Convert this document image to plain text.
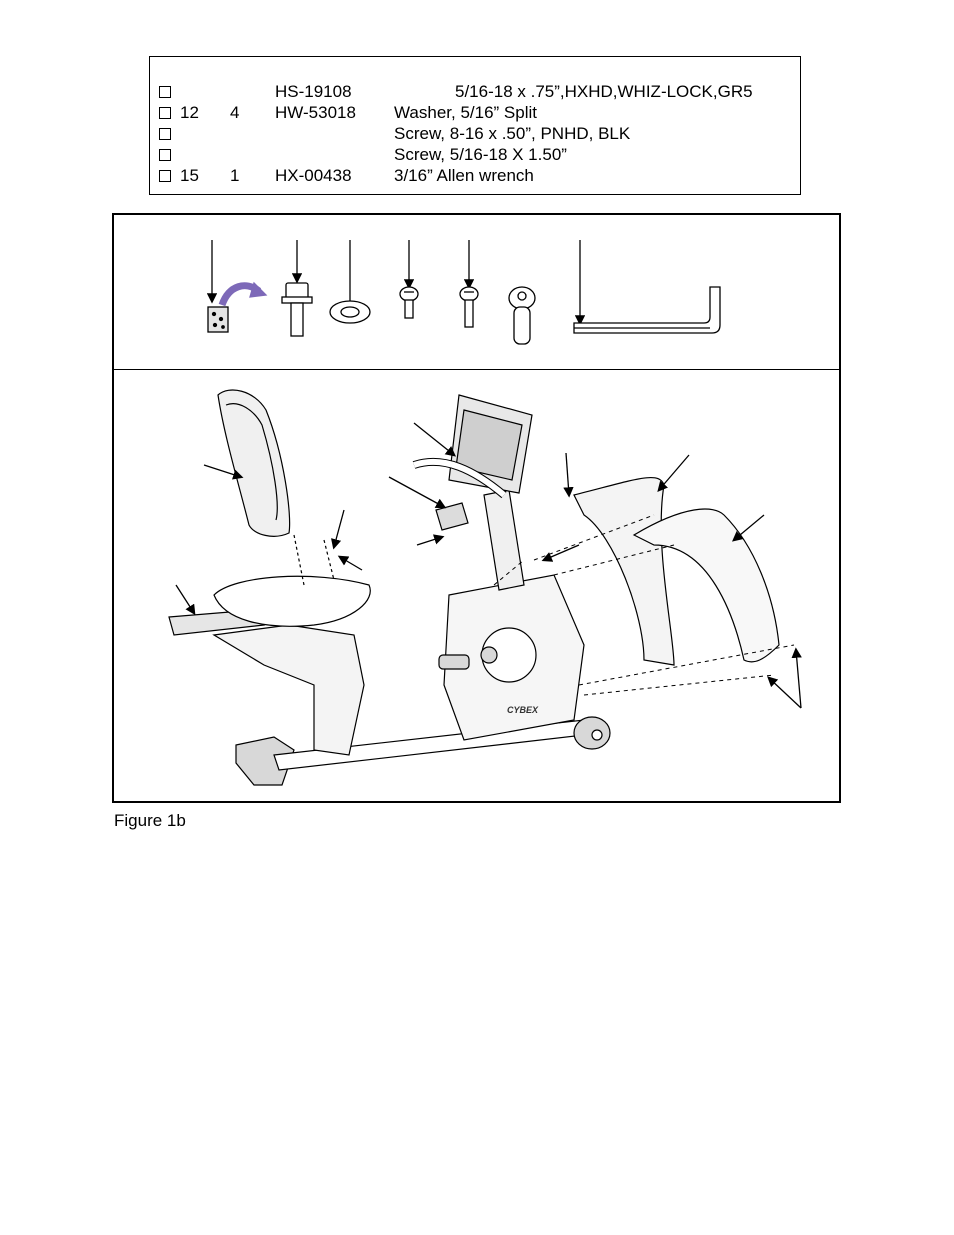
HS-19108	5/16-18 x .75”,HXHD,WHIZ-LOCK,GR5
12 4 HW-53018 Washer, 5/16” Split
Screw, 8-16 x .50”, PNHD, BLK
Screw, 5/16-18 X 1.50”
15 1 HX-00438 3/16” Allen wrench
CYBEX
Figure 1b
